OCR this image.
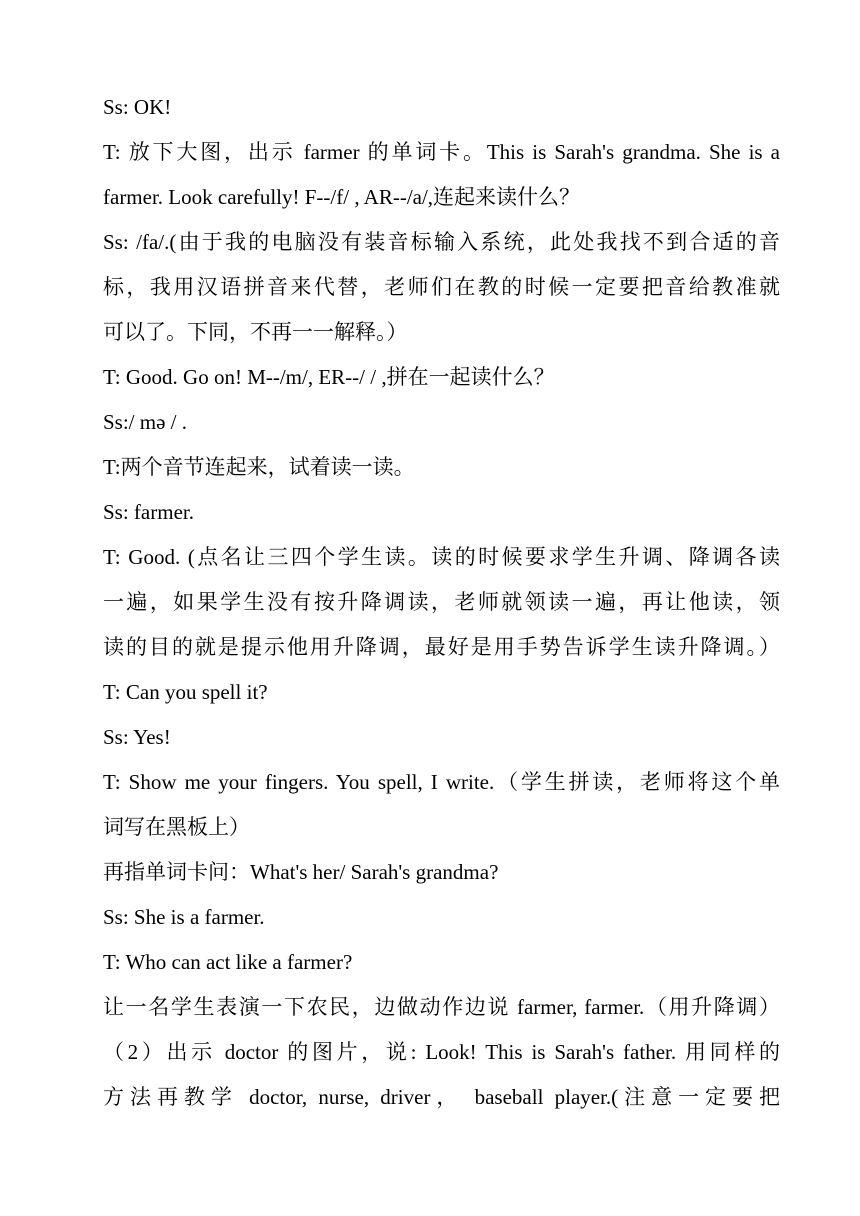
Ss: OK!
T: 放下大图，出示 farmer 的单词卡。This is Sarah's grandma. She is a
farmer. Look carefully! F--/f/ , AR--/a/,连起来读什么？
Ss: /fa/.(由于我的电脑没有装音标输入系统，此处我找不到合适的音
标，我用汉语拼音来代替，老师们在教的时候一定要把音给教准就
可以了。下同，不再一一解释。）
T: Good. Go on! M--/m/, ER--/ / ,拼在一起读什么？
Ss:/ mə / .
T:两个音节连起来，试着读一读。
Ss: farmer.
T: Good. (点名让三四个学生读。读的时候要求学生升调、降调各读
一遍，如果学生没有按升降调读，老师就领读一遍，再让他读，领
读的目的就是提示他用升降调，最好是用手势告诉学生读升降调。）
T: Can you spell it?
Ss: Yes!
T: Show me your fingers. You spell, I write.（学生拼读，老师将这个单
词写在黑板上）
再指单词卡问：What's her/ Sarah's grandma?
Ss: She is a farmer.
T: Who can act like a farmer?
让一名学生表演一下农民，边做动作边说 farmer, farmer.（用升降调）
（2）出示 doctor 的图片，说: Look! This is Sarah's father. 用同样的
方法再教学 doctor, nurse, driver， baseball player.(注意一定要把
